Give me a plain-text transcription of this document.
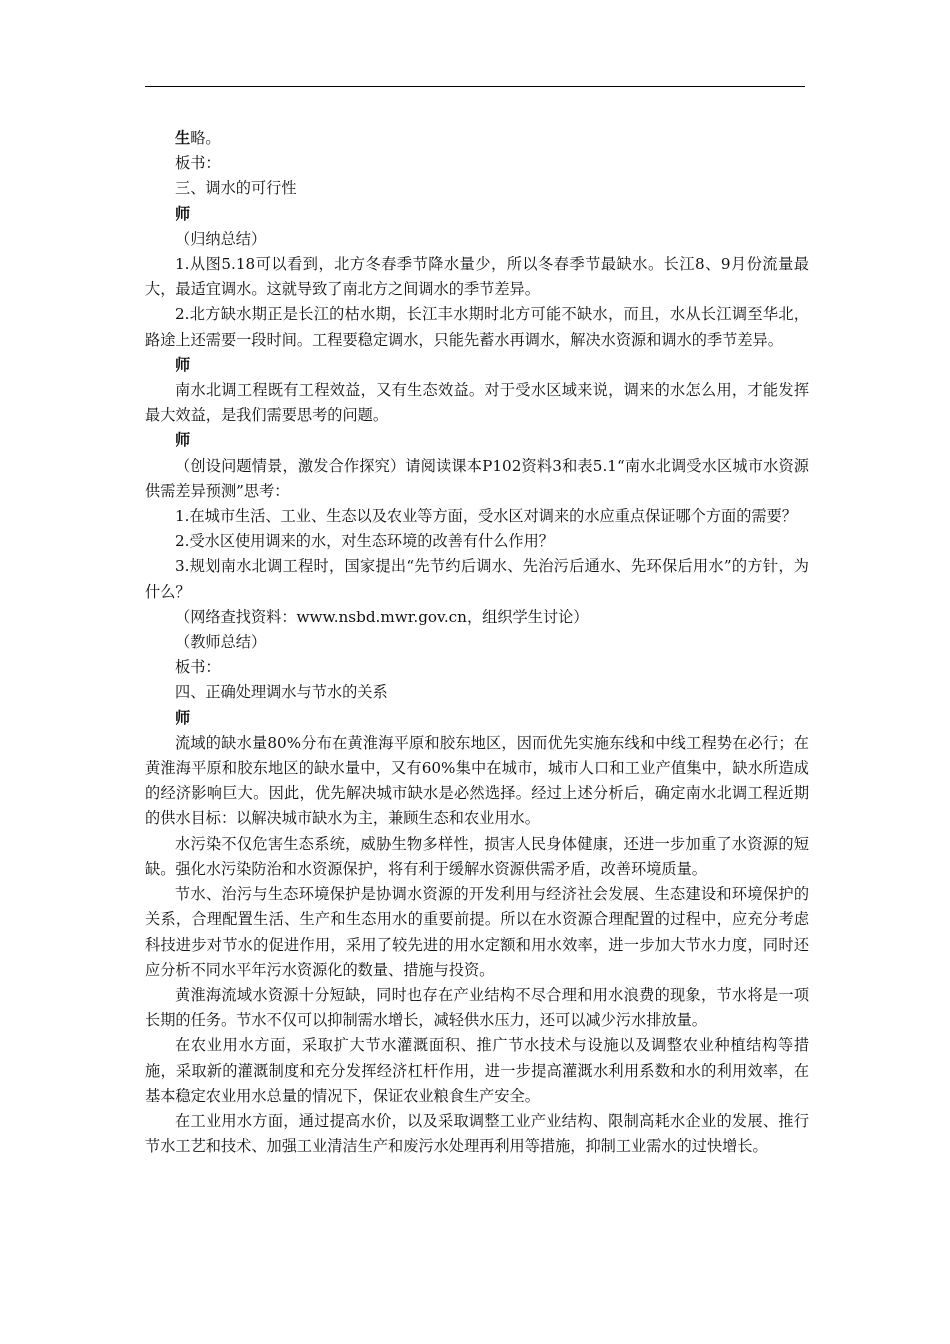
生略。

板书：

三、调水的可行性

师

（归纳总结）

1.从图5.18可以看到，北方冬春季节降水量少，所以冬春季节最缺水。长江8、9月份流量最大，最适宜调水。这就导致了南北方之间调水的季节差异。

2.北方缺水期正是长江的枯水期，长江丰水期时北方可能不缺水，而且，水从长江调至华北，路途上还需要一段时间。工程要稳定调水，只能先蓄水再调水，解决水资源和调水的季节差异。

师

南水北调工程既有工程效益，又有生态效益。对于受水区域来说，调来的水怎么用，才能发挥最大效益，是我们需要思考的问题。

师

（创设问题情景，激发合作探究）请阅读课本P102资料3和表5.1“南水北调受水区城市水资源供需差异预测”思考：

1.在城市生活、工业、生态以及农业等方面，受水区对调来的水应重点保证哪个方面的需要？

2.受水区使用调来的水，对生态环境的改善有什么作用？

3.规划南水北调工程时，国家提出“先节约后调水、先治污后通水、先环保后用水”的方针，为什么？

（网络查找资料：www.nsbd.mwr.gov.cn，组织学生讨论）

（教师总结）

板书：

四、正确处理调水与节水的关系

师

流域的缺水量80%分布在黄淮海平原和胶东地区，因而优先实施东线和中线工程势在必行；在黄淮海平原和胶东地区的缺水量中，又有60%集中在城市，城市人口和工业产值集中，缺水所造成的经济影响巨大。因此，优先解决城市缺水是必然选择。经过上述分析后，确定南水北调工程近期的供水目标：以解决城市缺水为主，兼顾生态和农业用水。

水污染不仅危害生态系统，威胁生物多样性，损害人民身体健康，还进一步加重了水资源的短缺。强化水污染防治和水资源保护，将有利于缓解水资源供需矛盾，改善环境质量。

节水、治污与生态环境保护是协调水资源的开发利用与经济社会发展、生态建设和环境保护的关系，合理配置生活、生产和生态用水的重要前提。所以在水资源合理配置的过程中，应充分考虑科技进步对节水的促进作用，采用了较先进的用水定额和用水效率，进一步加大节水力度，同时还应分析不同水平年污水资源化的数量、措施与投资。

黄淮海流域水资源十分短缺，同时也存在产业结构不尽合理和用水浪费的现象，节水将是一项长期的任务。节水不仅可以抑制需水增长，减轻供水压力，还可以减少污水排放量。

在农业用水方面，采取扩大节水灌溉面积、推广节水技术与设施以及调整农业种植结构等措施，采取新的灌溉制度和充分发挥经济杠杆作用，进一步提高灌溉水利用系数和水的利用效率，在基本稳定农业用水总量的情况下，保证农业粮食生产安全。

在工业用水方面，通过提高水价，以及采取调整工业产业结构、限制高耗水企业的发展、推行节水工艺和技术、加强工业清洁生产和废污水处理再利用等措施，抑制工业需水的过快增长。
